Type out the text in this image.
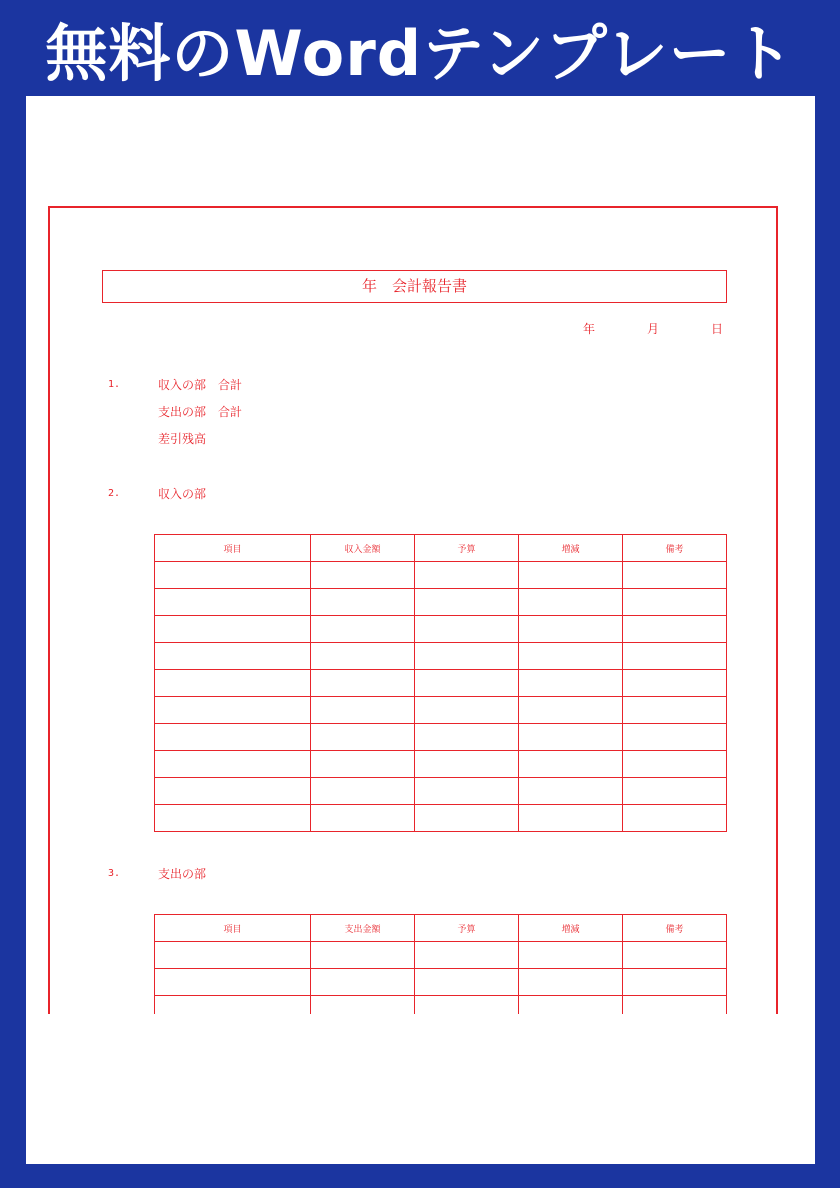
無料のWordテンプレート
年　会計報告書
年	月	日
1.	収入の部　合計
支出の部　合計
差引残高
2.	収入の部
項目	収入金額	予算	増減	備考

3.	支出の部
項目	支出金額	予算	増減	備考
